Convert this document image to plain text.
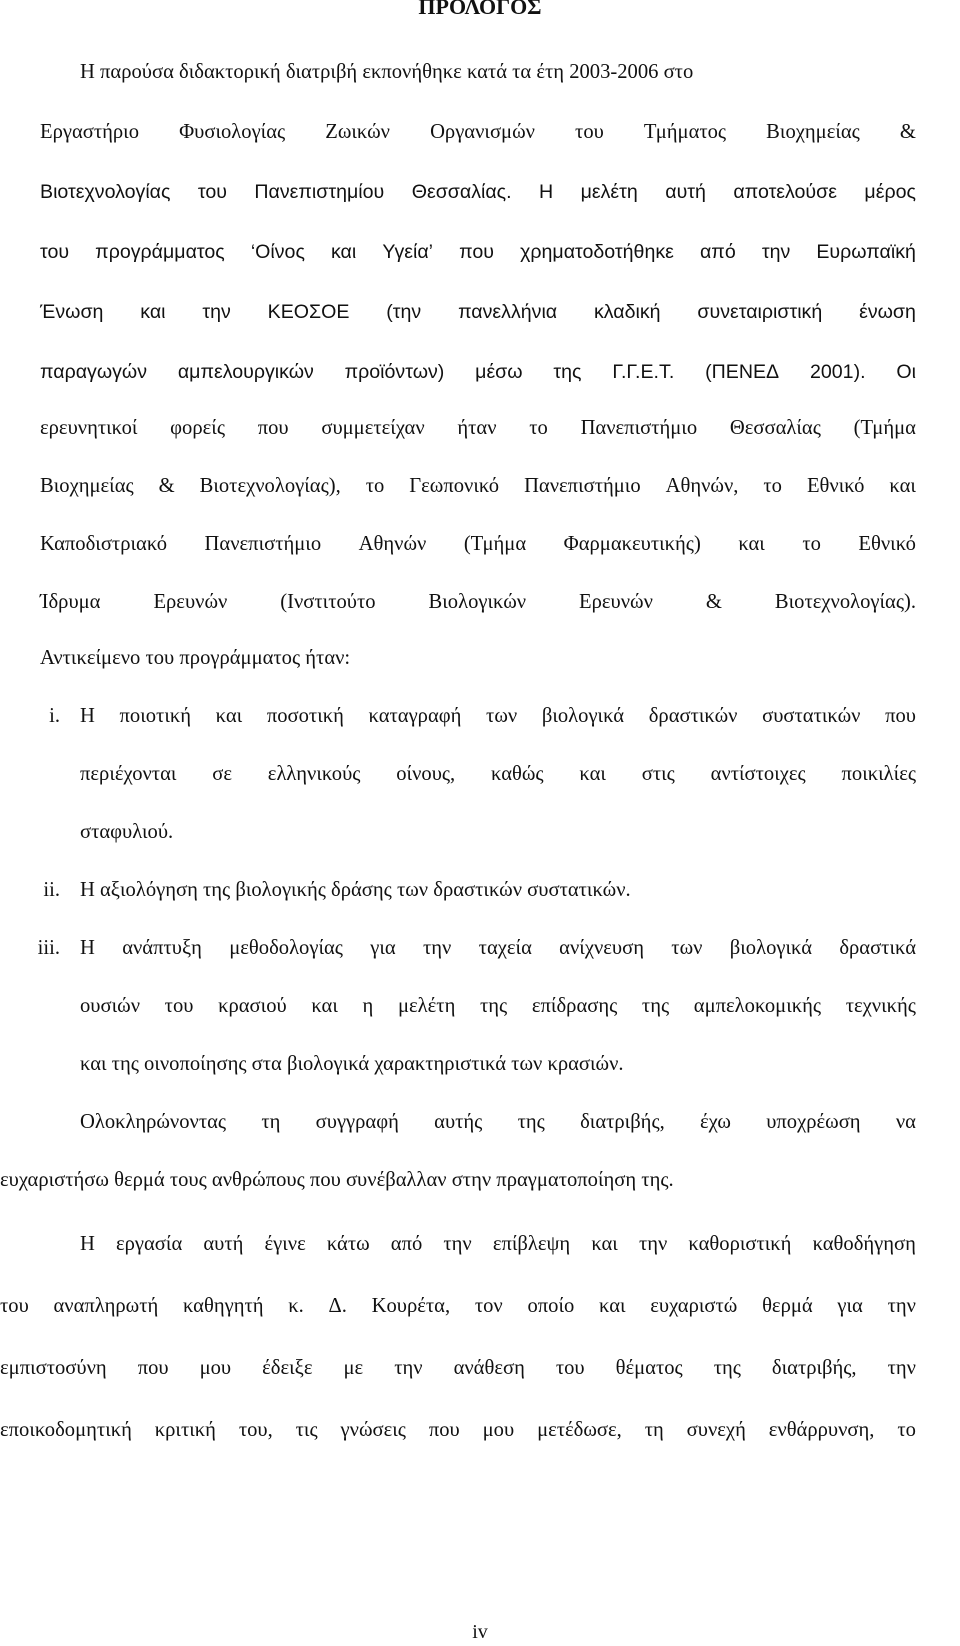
ΠΡΟΛΟΓΟΣ
Η παρούσα διδακτορική διατριβή εκπονήθηκε κατά τα έτη 2003-2006 στο
Εργαστήριο Φυσιολογίας Ζωικών Οργανισμών του Τμήματος Βιοχημείας &
Βιοτεχνολογίας του Πανεπιστημίου Θεσσαλίας. Η μελέτη αυτή αποτελούσε μέρος
του προγράμματος ‘Οίνος και Υγεία’ που χρηματοδοτήθηκε από την Ευρωπαϊκή
Ένωση και την ΚΕΟΣΟΕ (την πανελλήνια κλαδική συνεταιριστική ένωση
παραγωγών αμπελουργικών προϊόντων) μέσω της Γ.Γ.Ε.Τ. (ΠΕΝΕΔ 2001). Οι
ερευνητικοί φορείς που συμμετείχαν ήταν το Πανεπιστήμιο Θεσσαλίας (Τμήμα
Βιοχημείας & Βιοτεχνολογίας), το Γεωπονικό Πανεπιστήμιο Αθηνών, το Εθνικό και
Καποδιστριακό Πανεπιστήμιο Αθηνών (Τμήμα Φαρμακευτικής) και το Εθνικό
Ίδρυμα	Ερευνών	(Ινστιτούτο	Βιολογικών	Ερευνών	&	Βιοτεχνολογίας).
Αντικείμενο του προγράμματος ήταν:
i. Η ποιοτική και ποσοτική καταγραφή των βιολογικά δραστικών συστατικών που
περιέχονται σε ελληνικούς οίνους, καθώς και στις αντίστοιχες ποικιλίες
σταφυλιού.
ii. Η αξιολόγηση της βιολογικής δράσης των δραστικών συστατικών.
iii. Η ανάπτυξη μεθοδολογίας για την ταχεία ανίχνευση των βιολογικά δραστικά
ουσιών του κρασιού και η μελέτη της επίδρασης της αμπελοκομικής τεχνικής
και της οινοποίησης στα βιολογικά χαρακτηριστικά των κρασιών.
Ολοκληρώνοντας τη συγγραφή αυτής της διατριβής, έχω υποχρέωση να
ευχαριστήσω θερμά τους ανθρώπους που συνέβαλλαν στην πραγματοποίηση της.
Η εργασία αυτή έγινε κάτω από την επίβλεψη και την καθοριστική καθοδήγηση
του αναπληρωτή καθηγητή κ. Δ. Κουρέτα, τον οποίο και ευχαριστώ θερμά για την
εμπιστοσύνη που μου έδειξε με την ανάθεση του θέματος της διατριβής, την
εποικοδομητική κριτική του, τις γνώσεις που μου μετέδωσε, τη συνεχή ενθάρρυνση, το
iv
